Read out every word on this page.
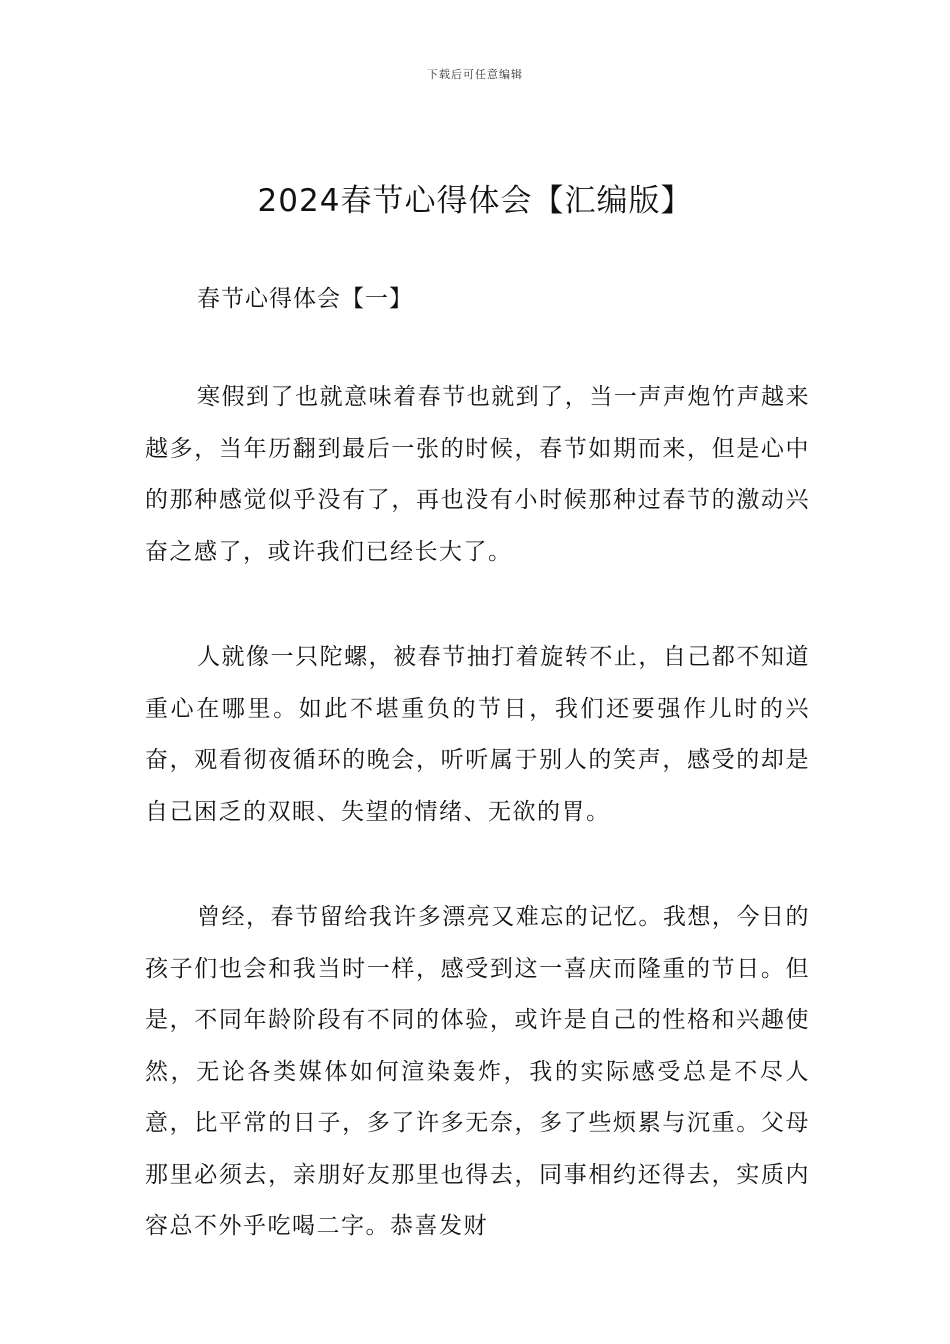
下载后可任意编辑
2024春节心得体会【汇编版】

春节心得体会【一】

寒假到了也就意味着春节也就到了，当一声声炮竹声越来越多，当年历翻到最后一张的时候，春节如期而来，但是心中的那种感觉似乎没有了，再也没有小时候那种过春节的激动兴奋之感了，或许我们已经长大了。

人就像一只陀螺，被春节抽打着旋转不止，自己都不知道重心在哪里。如此不堪重负的节日，我们还要强作儿时的兴奋，观看彻夜循环的晚会，听听属于别人的笑声，感受的却是自己困乏的双眼、失望的情绪、无欲的胃。

曾经，春节留给我许多漂亮又难忘的记忆。我想，今日的孩子们也会和我当时一样，感受到这一喜庆而隆重的节日。但是，不同年龄阶段有不同的体验，或许是自己的性格和兴趣使然，无论各类媒体如何渲染轰炸，我的实际感受总是不尽人意，比平常的日子，多了许多无奈，多了些烦累与沉重。父母那里必须去，亲朋好友那里也得去，同事相约还得去，实质内容总不外乎吃喝二字。恭喜发财
